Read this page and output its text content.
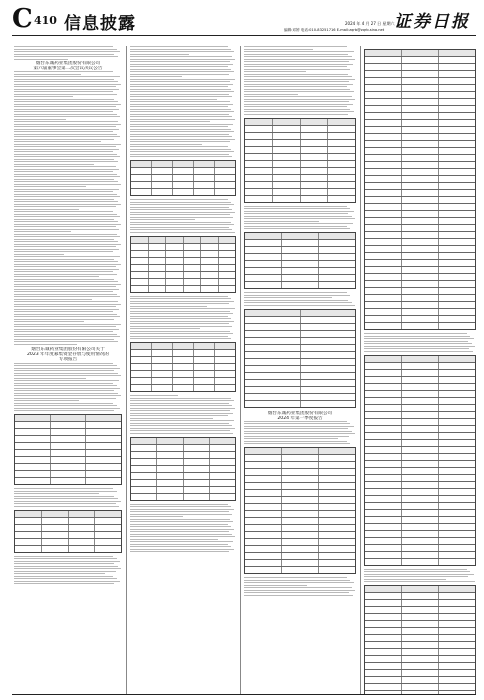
C 410 信息披露	2024 年 4 月 27 日 星期六
编辑:邓婷 电话:010-83251716 E-mail:zqrb@zqrb.sina.net 证券日报
烟台东诚药业集团股份有限公司
第六届董事会第二次会议决议公告
烟台东诚药业集团股份有限公司关于
2023 年年度募集资金存放与使用情况的
专项报告
烟台东诚药业集团股份有限公司
2024 年第一季度报告
